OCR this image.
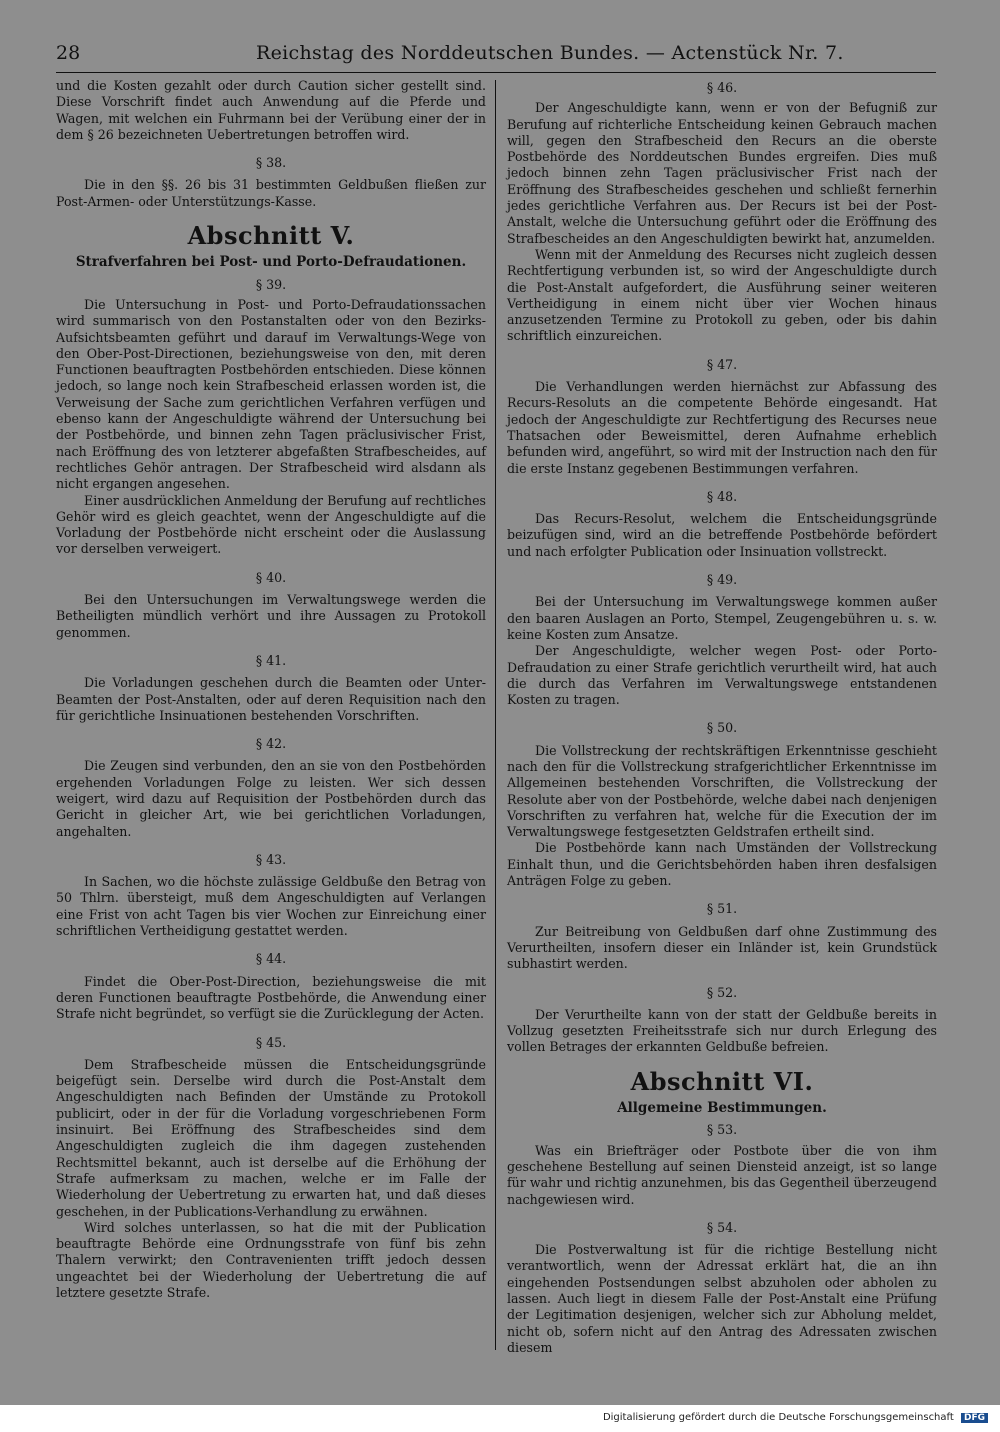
28	Reichstag des Norddeutschen Bundes. — Actenstück Nr. 7.

und die Kosten gezahlt oder durch Caution sicher gestellt sind. Diese Vorschrift findet auch Anwendung auf die Pferde und Wagen, mit welchen ein Fuhrmann bei der Verübung einer der in dem § 26 bezeichneten Uebertretungen betroffen wird.

§ 38.

Die in den §§. 26 bis 31 bestimmten Geldbußen fließen zur Post-Armen- oder Unterstützungs-Kasse.

Abschnitt V.
Strafverfahren bei Post- und Porto-Defraudationen.
§ 39.

Die Untersuchung in Post- und Porto-Defraudationssachen wird summarisch von den Postanstalten oder von den Bezirks-Aufsichtsbeamten geführt und darauf im Verwaltungs-Wege von den Ober-Post-Directionen, beziehungsweise von den, mit deren Functionen beauftragten Postbehörden entschieden. Diese können jedoch, so lange noch kein Strafbescheid erlassen worden ist, die Verweisung der Sache zum gerichtlichen Verfahren verfügen und ebenso kann der Angeschuldigte während der Untersuchung bei der Postbehörde, und binnen zehn Tagen präclusivischer Frist, nach Eröffnung des von letzterer abgefaßten Strafbescheides, auf rechtliches Gehör antragen. Der Strafbescheid wird alsdann als nicht ergangen angesehen.

Einer ausdrücklichen Anmeldung der Berufung auf rechtliches Gehör wird es gleich geachtet, wenn der Angeschuldigte auf die Vorladung der Postbehörde nicht erscheint oder die Auslassung vor derselben verweigert.

§ 40.

Bei den Untersuchungen im Verwaltungswege werden die Betheiligten mündlich verhört und ihre Aussagen zu Protokoll genommen.

§ 41.

Die Vorladungen geschehen durch die Beamten oder Unter-Beamten der Post-Anstalten, oder auf deren Requisition nach den für gerichtliche Insinuationen bestehenden Vorschriften.

§ 42.

Die Zeugen sind verbunden, den an sie von den Postbehörden ergehenden Vorladungen Folge zu leisten. Wer sich dessen weigert, wird dazu auf Requisition der Postbehörden durch das Gericht in gleicher Art, wie bei gerichtlichen Vorladungen, angehalten.

§ 43.

In Sachen, wo die höchste zulässige Geldbuße den Betrag von 50 Thlrn. übersteigt, muß dem Angeschuldigten auf Verlangen eine Frist von acht Tagen bis vier Wochen zur Einreichung einer schriftlichen Vertheidigung gestattet werden.

§ 44.

Findet die Ober-Post-Direction, beziehungsweise die mit deren Functionen beauftragte Postbehörde, die Anwendung einer Strafe nicht begründet, so verfügt sie die Zurücklegung der Acten.

§ 45.

Dem Strafbescheide müssen die Entscheidungsgründe beigefügt sein. Derselbe wird durch die Post-Anstalt dem Angeschuldigten nach Befinden der Umstände zu Protokoll publicirt, oder in der für die Vorladung vorgeschriebenen Form insinuirt. Bei Eröffnung des Strafbescheides sind dem Angeschuldigten zugleich die ihm dagegen zustehenden Rechtsmittel bekannt, auch ist derselbe auf die Erhöhung der Strafe aufmerksam zu machen, welche er im Falle der Wiederholung der Uebertretung zu erwarten hat, und daß dieses geschehen, in der Publications-Verhandlung zu erwähnen.

Wird solches unterlassen, so hat die mit der Publication beauftragte Behörde eine Ordnungsstrafe von fünf bis zehn Thalern verwirkt; den Contravenienten trifft jedoch dessen ungeachtet bei der Wiederholung der Uebertretung die auf letztere gesetzte Strafe.

§ 46.

Der Angeschuldigte kann, wenn er von der Befugniß zur Berufung auf richterliche Entscheidung keinen Gebrauch machen will, gegen den Strafbescheid den Recurs an die oberste Postbehörde des Norddeutschen Bundes ergreifen. Dies muß jedoch binnen zehn Tagen präclusivischer Frist nach der Eröffnung des Strafbescheides geschehen und schließt fernerhin jedes gerichtliche Verfahren aus. Der Recurs ist bei der Post-Anstalt, welche die Untersuchung geführt oder die Eröffnung des Strafbescheides an den Angeschuldigten bewirkt hat, anzumelden.

Wenn mit der Anmeldung des Recurses nicht zugleich dessen Rechtfertigung verbunden ist, so wird der Angeschuldigte durch die Post-Anstalt aufgefordert, die Ausführung seiner weiteren Vertheidigung in einem nicht über vier Wochen hinaus anzusetzenden Termine zu Protokoll zu geben, oder bis dahin schriftlich einzureichen.

§ 47.

Die Verhandlungen werden hiernächst zur Abfassung des Recurs-Resoluts an die competente Behörde eingesandt. Hat jedoch der Angeschuldigte zur Rechtfertigung des Recurses neue Thatsachen oder Beweismittel, deren Aufnahme erheblich befunden wird, angeführt, so wird mit der Instruction nach den für die erste Instanz gegebenen Bestimmungen verfahren.

§ 48.

Das Recurs-Resolut, welchem die Entscheidungsgründe beizufügen sind, wird an die betreffende Postbehörde befördert und nach erfolgter Publication oder Insinuation vollstreckt.

§ 49.

Bei der Untersuchung im Verwaltungswege kommen außer den baaren Auslagen an Porto, Stempel, Zeugengebühren u. s. w. keine Kosten zum Ansatze.

Der Angeschuldigte, welcher wegen Post- oder Porto-Defraudation zu einer Strafe gerichtlich verurtheilt wird, hat auch die durch das Verfahren im Verwaltungswege entstandenen Kosten zu tragen.

§ 50.

Die Vollstreckung der rechtskräftigen Erkenntnisse geschieht nach den für die Vollstreckung strafgerichtlicher Erkenntnisse im Allgemeinen bestehenden Vorschriften, die Vollstreckung der Resolute aber von der Postbehörde, welche dabei nach denjenigen Vorschriften zu verfahren hat, welche für die Execution der im Verwaltungswege festgesetzten Geldstrafen ertheilt sind.

Die Postbehörde kann nach Umständen der Vollstreckung Einhalt thun, und die Gerichtsbehörden haben ihren desfalsigen Anträgen Folge zu geben.

§ 51.

Zur Beitreibung von Geldbußen darf ohne Zustimmung des Verurtheilten, insofern dieser ein Inländer ist, kein Grundstück subhastirt werden.

§ 52.

Der Verurtheilte kann von der statt der Geldbuße bereits in Vollzug gesetzten Freiheitsstrafe sich nur durch Erlegung des vollen Betrages der erkannten Geldbuße befreien.

Abschnitt VI.
Allgemeine Bestimmungen.
§ 53.

Was ein Briefträger oder Postbote über die von ihm geschehene Bestellung auf seinen Diensteid anzeigt, ist so lange für wahr und richtig anzunehmen, bis das Gegentheil überzeugend nachgewiesen wird.

§ 54.

Die Postverwaltung ist für die richtige Bestellung nicht verantwortlich, wenn der Adressat erklärt hat, die an ihn eingehenden Postsendungen selbst abzuholen oder abholen zu lassen. Auch liegt in diesem Falle der Post-Anstalt eine Prüfung der Legitimation desjenigen, welcher sich zur Abholung meldet, nicht ob, sofern nicht auf den Antrag des Adressaten zwischen diesem

Digitalisierung gefördert durch die Deutsche Forschungsgemeinschaft DFG
